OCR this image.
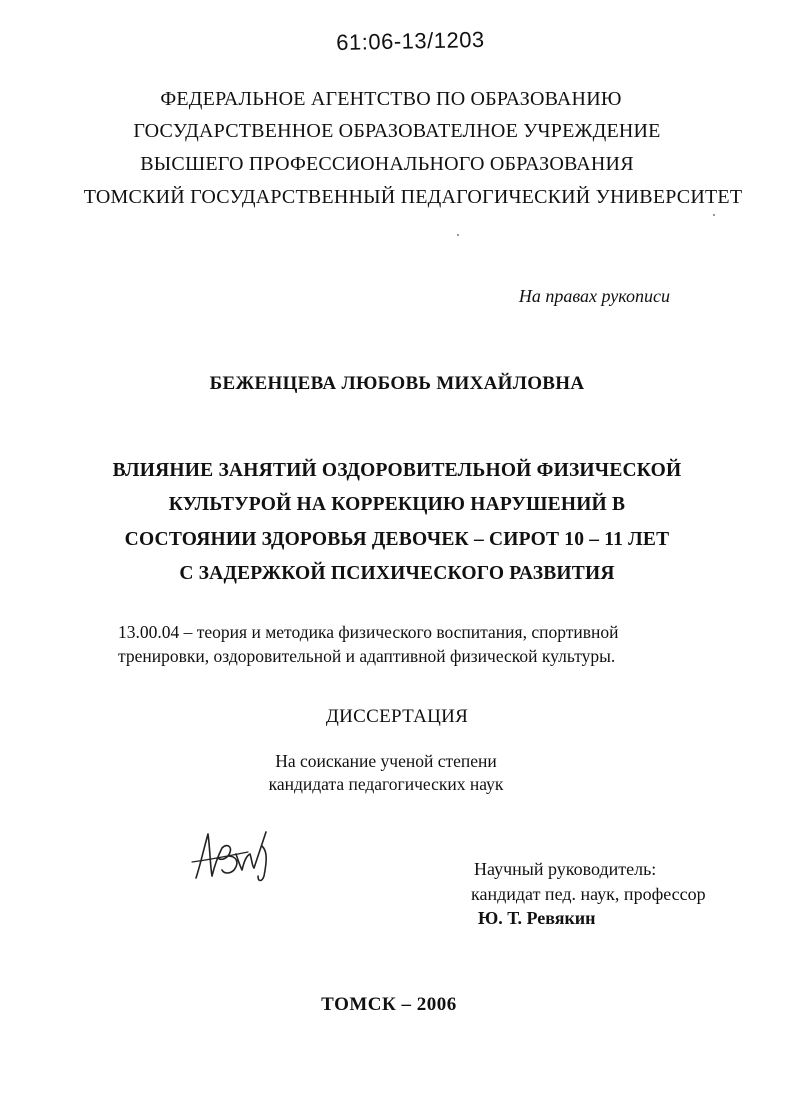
61:06-13/1203
ФЕДЕРАЛЬНОЕ АГЕНТСТВО ПО ОБРАЗОВАНИЮ
ГОСУДАРСТВЕННОЕ ОБРАЗОВАТЕЛНОЕ УЧРЕЖДЕНИЕ
ВЫСШЕГО ПРОФЕССИОНАЛЬНОГО ОБРАЗОВАНИЯ
ТОМСКИЙ ГОСУДАРСТВЕННЫЙ ПЕДАГОГИЧЕСКИЙ УНИВЕРСИТЕТ
На правах рукописи
БЕЖЕНЦЕВА ЛЮБОВЬ МИХАЙЛОВНА
ВЛИЯНИЕ ЗАНЯТИЙ ОЗДОРОВИТЕЛЬНОЙ ФИЗИЧЕСКОЙ
КУЛЬТУРОЙ НА КОРРЕКЦИЮ НАРУШЕНИЙ В
СОСТОЯНИИ ЗДОРОВЬЯ ДЕВОЧЕК – СИРОТ 10 – 11 ЛЕТ
С ЗАДЕРЖКОЙ ПСИХИЧЕСКОГО РАЗВИТИЯ
13.00.04 – теория и методика физического воспитания, спортивной тренировки, оздоровительной и адаптивной физической культуры.
ДИССЕРТАЦИЯ
На соискание ученой степени
кандидата педагогических наук
Научный руководитель:
кандидат пед. наук, профессор
Ю. Т. Ревякин
ТОМСК – 2006
